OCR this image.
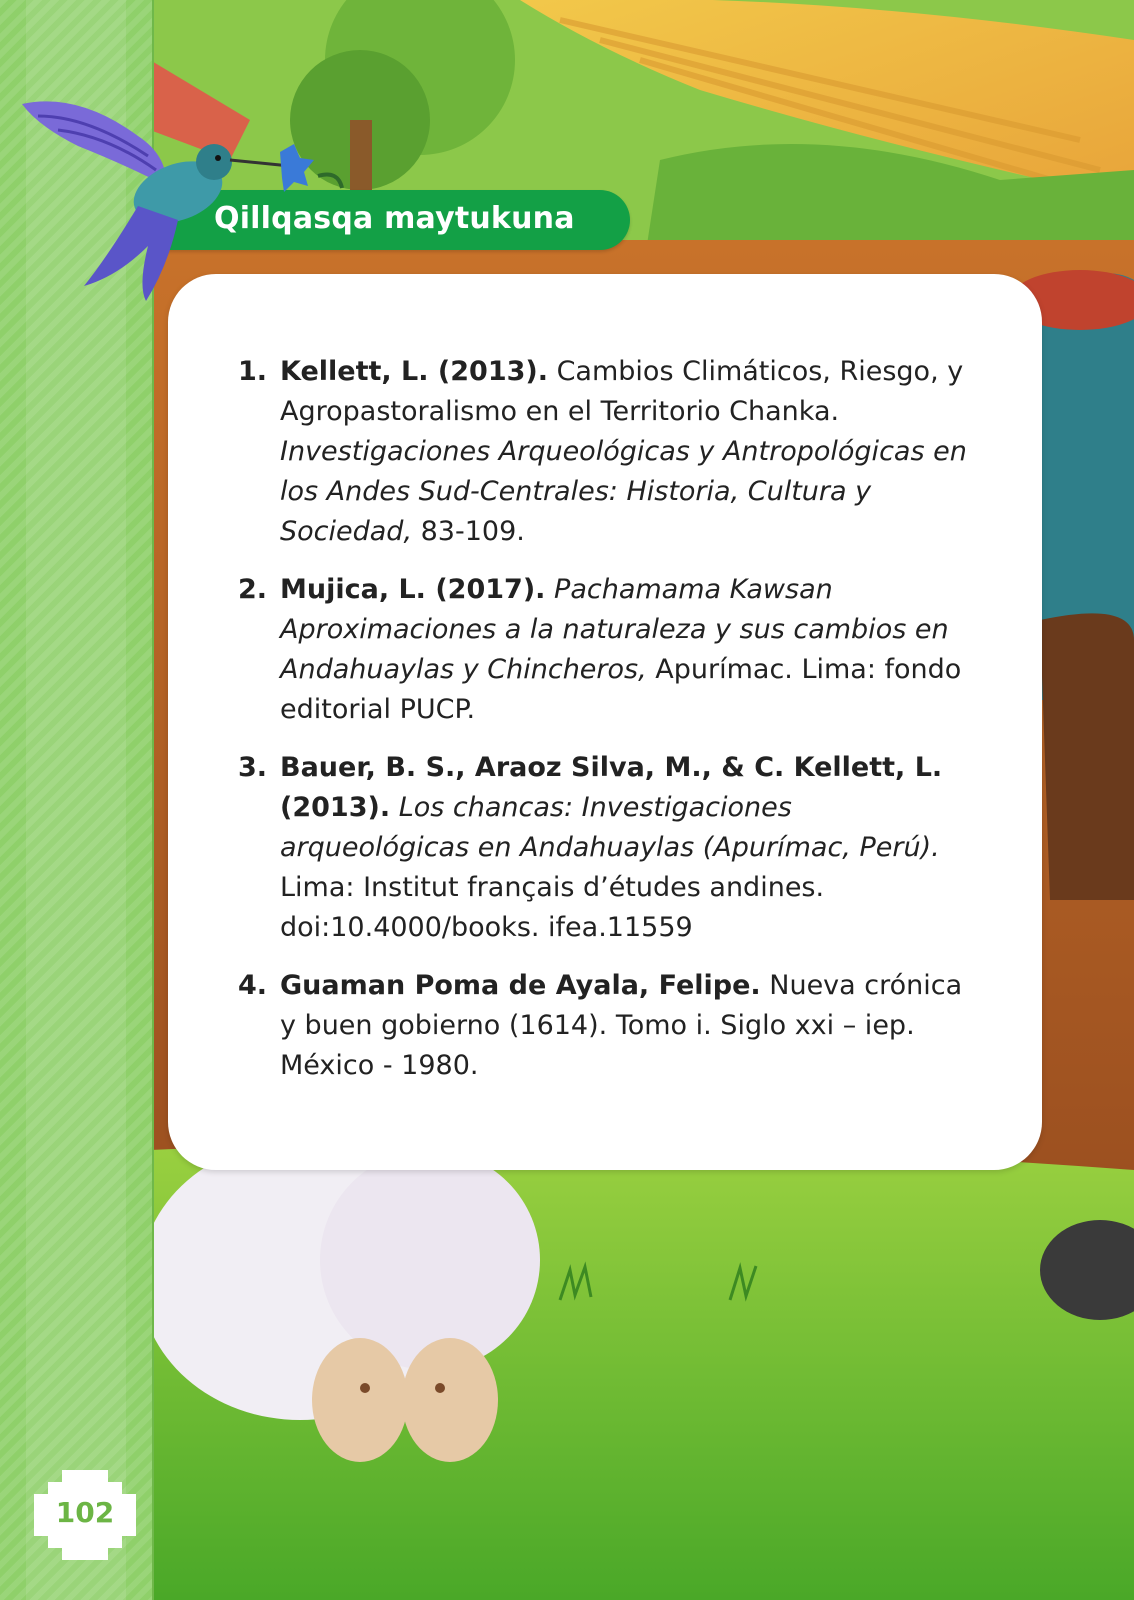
Qillqasqa maytukuna
1. Kellett, L. (2013). Cambios Climáticos, Riesgo, y Agropastoralismo en el Territorio Chanka. Investigaciones Arqueológicas y Antropológicas en los Andes Sud-Centrales: Historia, Cultura y Sociedad, 83-109.
2. Mujica, L. (2017). Pachamama Kawsan Aproximaciones a la naturaleza y sus cambios en Andahuaylas y Chincheros, Apurímac. Lima: fondo editorial PUCP.
3. Bauer, B. S., Araoz Silva, M., & C. Kellett, L. (2013). Los chancas: Investigaciones arqueológicas en Andahuaylas (Apurímac, Perú). Lima: Institut français d’études andines. doi:10.4000/books. ifea.11559
4. Guaman Poma de Ayala, Felipe. Nueva crónica y buen gobierno (1614). Tomo i. Siglo xxi – iep. México - 1980.
102
